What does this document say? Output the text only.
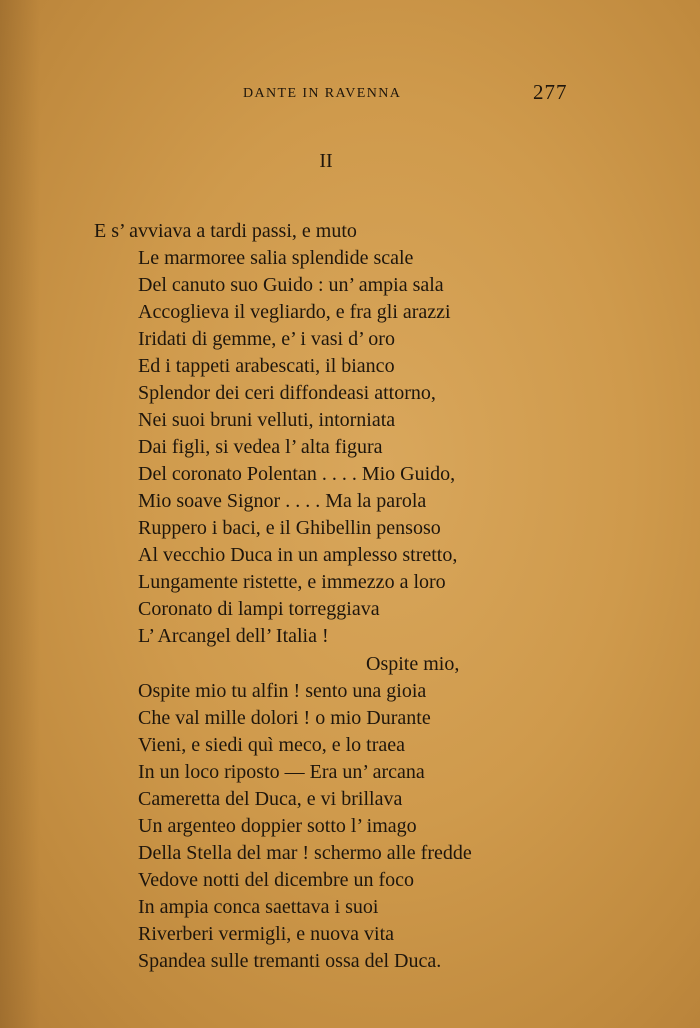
DANTE IN RAVENNA	277
II
E s’ avviava a tardi passi, e muto
Le marmoree salia splendide scale
Del canuto suo Guido : un’ ampia sala
Accoglieva il vegliardo, e fra gli arazzi
Iridati di gemme, e’ i vasi d’ oro
Ed i tappeti arabescati, il bianco
Splendor dei ceri diffondeasi attorno,
Nei suoi bruni velluti, intorniata
Dai figli, si vedea l’ alta figura
Del coronato Polentan . . . . Mio Guido,
Mio soave Signor . . . . Ma la parola
Ruppero i baci, e il Ghibellin pensoso
Al vecchio Duca in un amplesso stretto,
Lungamente ristette, e immezzo a loro
Coronato di lampi torreggiava
L’ Arcangel dell’ Italia !
Ospite mio,
Ospite mio tu alfin ! sento una gioia
Che val mille dolori ! o mio Durante
Vieni, e siedi quì meco, e lo traea
In un loco riposto — Era un’ arcana
Cameretta del Duca, e vi brillava
Un argenteo doppier sotto l’ imago
Della Stella del mar ! schermo alle fredde
Vedove notti del dicembre un foco
In ampia conca saettava i suoi
Riverberi vermigli, e nuova vita
Spandea sulle tremanti ossa del Duca.
